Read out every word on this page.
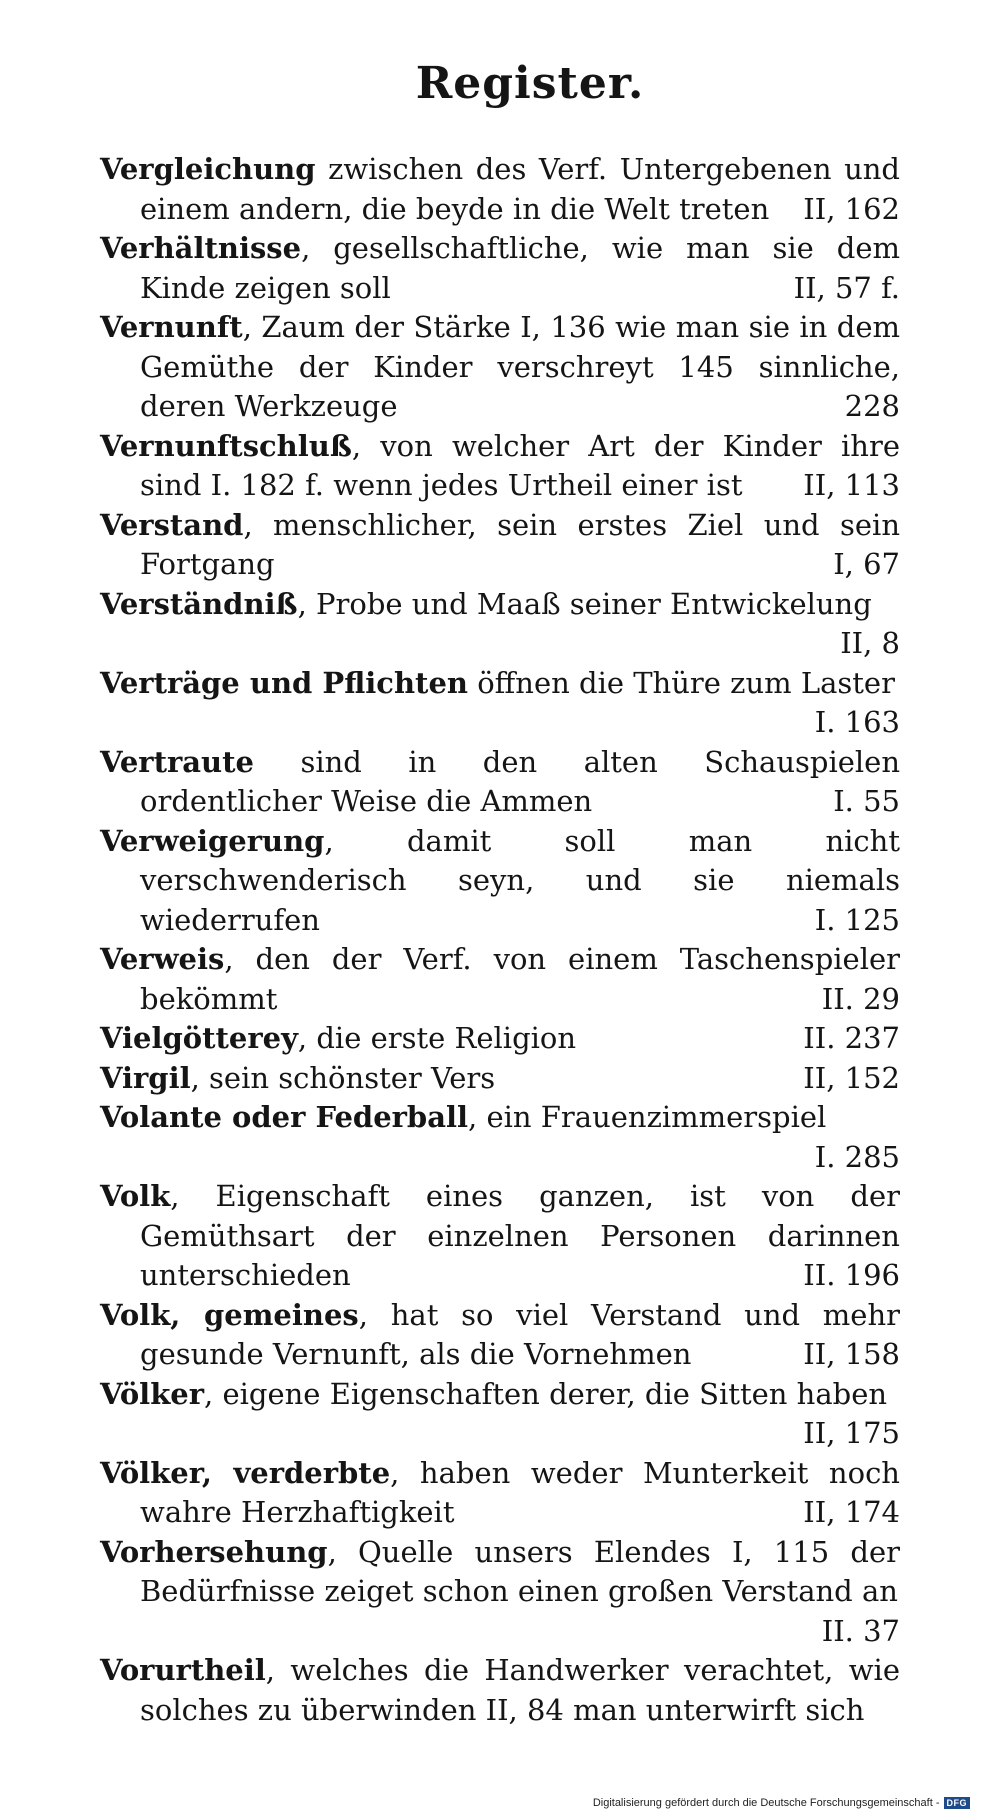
Register.

Vergleichung zwischen des Verf. Untergebenen und einem andern, die beyde in die Welt treten	II, 162

Verhältnisse, gesellschaftliche, wie man sie dem Kinde zeigen soll	II, 57 f.

Vernunft, Zaum der Stärke I, 136 wie man sie in dem Gemüthe der Kinder verschreyt 145 sinnliche, deren Werkzeuge	228

Vernunftschluß, von welcher Art der Kinder ihre sind I. 182 f. wenn jedes Urtheil einer ist	II, 113

Verstand, menschlicher, sein erstes Ziel und sein Fortgang	I, 67

Verständniß, Probe und Maaß seiner Entwickelung
II, 8

Verträge und Pflichten öffnen die Thüre zum Laster
I. 163

Vertraute sind in den alten Schauspielen ordentlicher Weise die Ammen	I. 55

Verweigerung, damit soll man nicht verschwenderisch seyn, und sie niemals wiederrufen	I. 125

Verweis, den der Verf. von einem Taschenspieler bekömmt	II. 29

Vielgötterey, die erste Religion	II. 237

Virgil, sein schönster Vers	II, 152

Volante oder Federball, ein Frauenzimmerspiel
I. 285

Volk, Eigenschaft eines ganzen, ist von der Gemüthsart der einzelnen Personen darinnen unterschieden	II. 196

Volk, gemeines, hat so viel Verstand und mehr gesunde Vernunft, als die Vornehmen	II, 158

Völker, eigene Eigenschaften derer, die Sitten haben
II, 175

Völker, verderbte, haben weder Munterkeit noch wahre Herzhaftigkeit	II, 174

Vorhersehung, Quelle unsers Elendes I, 115 der Bedürfnisse zeiget schon einen großen Verstand an
II. 37

Vorurtheil, welches die Handwerker verachtet, wie solches zu überwinden II, 84 man unterwirft sich

Digitalisierung gefördert durch die Deutsche Forschungsgemeinschaft - DFG
